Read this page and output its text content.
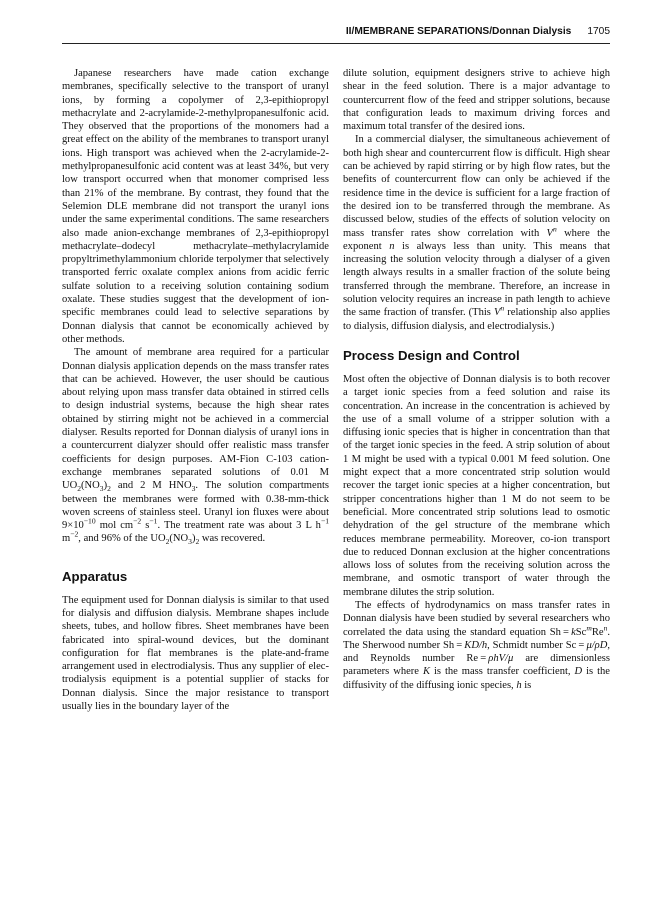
II/MEMBRANE SEPARATIONS/Donnan Dialysis 1705

Japanese researchers have made cation exchange membranes, specifically selective to the transport of uranyl ions, by forming a copolymer of 2,3-epithiopropyl methacrylate and 2-acrylamide-2-methylpropanesulfonic acid. They observed that the proportions of the monomers had a great effect on the ability of the membranes to transport uranyl ions. High transport was achieved when the 2-acrylamide-2-methylpropanesulfonic acid content was at least 34%, but very low transport occurred when that monomer comprised less than 21% of the membrane. By contrast, they found that the Selemion DLE membrane did not transport the uranyl ions under the same experimental conditions. The same researchers also made anion-exchange membranes of 2,3-epithiopropyl methacrylate–dodecyl methacrylate–methylacrylamide propyltrimethylammonium chloride terpolymer that selectively transported ferric oxalate complex anions from acidic ferric sulfate solution to a receiving solution containing sodium oxalate. These studies suggest that the development of ion-specific membranes could lead to selective separations by Donnan dialysis that cannot be economically achieved by other methods.

The amount of membrane area required for a particular Donnan dialysis application depends on the mass transfer rates that can be achieved. However, the user should be cautious about relying upon mass transfer data obtained in stirred cells to design industrial systems, because the high shear rates obtained by stirring might not be achieved in a commercial dialyser. Results reported for Donnan dialysis of uranyl ions in a countercurrent dialyzer should offer realistic mass transfer coefficients for design purposes. AM-Fion C-103 cation-exchange membranes separated solutions of 0.01 M $UO_2(NO_3)_2$ and 2 M $HNO_3$. The solution compartments between the membranes were formed with 0.38-mm-thick woven screens of stainless steel. Uranyl ion fluxes were about $9\times 10^{-10}$ mol $cm^{-2}$ $s^{-1}$. The treatment rate was about 3 L $h^{-1}$ $m^{-2}$, and 96% of the $UO_2(NO_3)_2$ was recovered.

Apparatus

The equipment used for Donnan dialysis is similar to that used for dialysis and diffusion dialysis. Membrane shapes include sheets, tubes, and hollow fibres. Sheet membranes have been fabricated into spiral-wound devices, but the dominant configuration for flat membranes is the plate-and-frame arrangement used in electrodialysis. Thus any supplier of electrodialysis equipment is a potential supplier of stacks for Donnan dialysis. Since the major resistance to transport usually lies in the boundary layer of the

dilute solution, equipment designers strive to achieve high shear in the feed solution. There is a major advantage to countercurrent flow of the feed and stripper solutions, because that configuration leads to maximum driving forces and maximum total transfer of the desired ions.

In a commercial dialyser, the simultaneous achievement of both high shear and countercurrent flow is difficult. High shear can be achieved by rapid stirring or by high flow rates, but the benefits of countercurrent flow can only be achieved if the residence time in the device is sufficient for a large fraction of the desired ion to be transferred through the membrane. As discussed below, studies of the effects of solution velocity on mass transfer rates show correlation with $V^n$ where the exponent n is always less than unity. This means that increasing the solution velocity through a dialyser of a given length always results in a smaller fraction of the solute being transferred through the membrane. Therefore, an increase in solution velocity requires an increase in path length to achieve the same fraction of transfer. (This $V^n$ relationship also applies to dialysis, diffusion dialysis, and electrodialysis.)

Process Design and Control

Most often the objective of Donnan dialysis is to both recover a target ionic species from a feed solution and raise its concentration. An increase in the concentration is achieved by the use of a small volume of a stripper solution with a diffusing ionic species that is higher in concentration than that of the target ionic species in the feed. A strip solution of about 1 M might be used with a typical 0.001 M feed solution. One might expect that a more concentrated strip solution would recover the target ionic species at a higher concentration, but stripper concentrations higher than 1 M do not seem to be beneficial. More concentrated strip solutions lead to osmotic dehydration of the gel structure of the membrane which reduces membrane permeability. Moreover, co-ion transport due to reduced Donnan exclusion at the higher concentrations allows loss of solutes from the receiving solution across the membrane, and osmotic transport of water through the membrane dilutes the strip solution.

The effects of hydrodynamics on mass transfer rates in Donnan dialysis have been studied by several researchers who correlated the data using the standard equation $Sh = kSc^mRe^n$. The Sherwood number Sh = KD/h, Schmidt number Sc = μ/ρD, and Reynolds number Re = ρhV/μ are dimensionless parameters where K is the mass transfer coefficient, D is the diffusivity of the diffusing ionic species, h is
